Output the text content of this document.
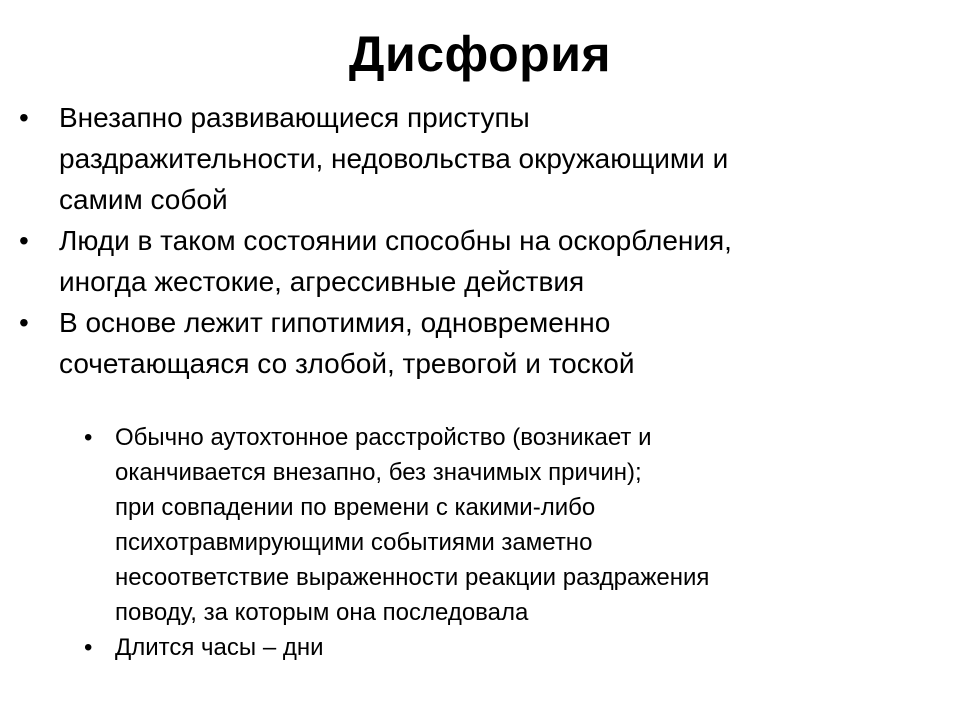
Дисфория
•	Внезапно развивающиеся приступы
раздражительности, недовольства окружающими и
самим собой
•	Люди в таком состоянии способны на оскорбления,
иногда жестокие, агрессивные действия
•	В основе лежит гипотимия, одновременно
сочетающаяся со злобой, тревогой и тоской
• Обычно аутохтонное расстройство (возникает и
оканчивается внезапно, без значимых причин);
при совпадении по времени с какими-либо
психотравмирующими событиями заметно
несоответствие выраженности реакции раздражения
поводу, за которым она последовала
• Длится часы – дни
